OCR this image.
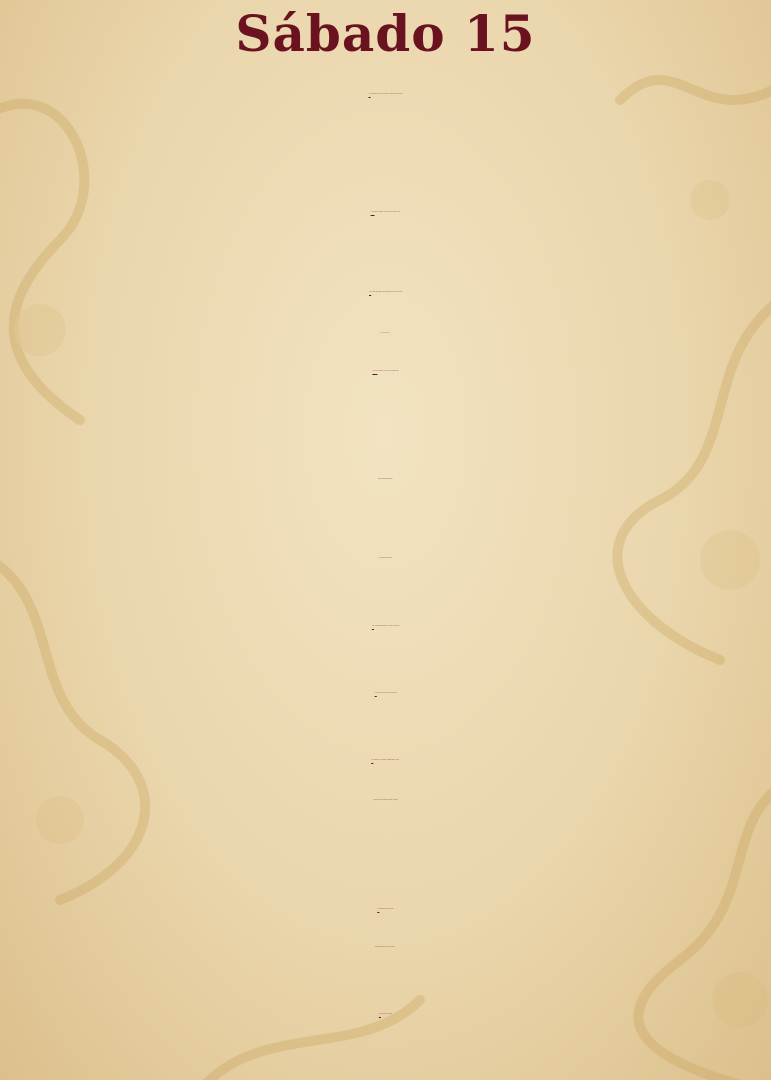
Sábado 15
11h Apertura del Mercado Medieval y Zona Lúdica de juegos
11:30h Taller Infantil “Crea tu Propia Flauta de Pan”
12h Alegres melodías al violín resuenan en el mercado por
FUNANVIOLISTA.
12h -00h Apertura de la zona de Restauración.
Swing y Rythm and Blues.
Crea tu figura de barro.
13h Pasacalles Interactivo El Rey de los Bufones
15h Danza del Vientre por Helena Rull
17h Lectura del Homenaje al Inmigrante de Dílar .
Lugar: Nuevo Rincón del Duende c/ Ermita
19h Pasacalles de Estreyarte:
zancudos, fuegos, luces, personajes...
23h Cierre del Mercado
